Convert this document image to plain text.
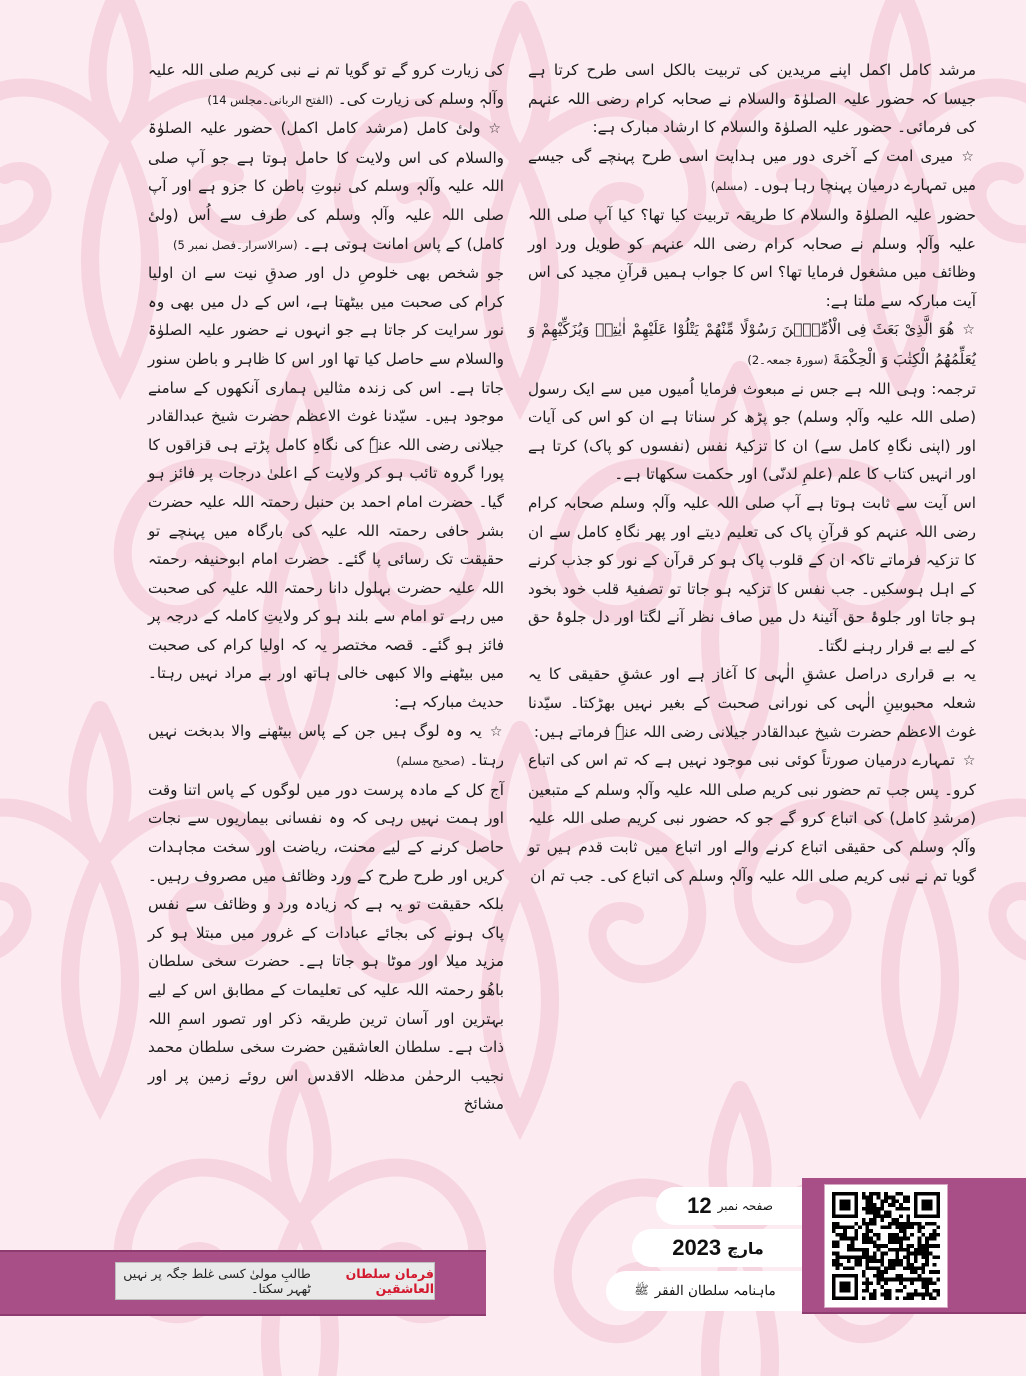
مرشد کامل اکمل اپنے مریدین کی تربیت بالکل اسی طرح کرتا ہے جیسا کہ حضور علیہ الصلوٰۃ والسلام نے صحابہ کرام رضی اللہ عنہم کی فرمائی۔ حضور علیہ الصلوٰۃ والسلام کا ارشاد مبارک ہے:

☆میری امت کے آخری دور میں ہدایت اسی طرح پہنچے گی جیسے میں تمہارے درمیان پہنچا رہا ہوں۔ (مسلم)

حضور علیہ الصلوٰۃ والسلام کا طریقہ تربیت کیا تھا؟ کیا آپ صلی اللہ علیہ وآلہٖ وسلم نے صحابہ کرام رضی اللہ عنہم کو طویل ورد اور وظائف میں مشغول فرمایا تھا؟ اس کا جواب ہمیں قرآنِ مجید کی اس آیت مبارکہ سے ملتا ہے:

☆هُوَ الَّذِیْ بَعَثَ فِی الْاُمِّیّٖنَ رَسُوْلًا مِّنْهُمْ یَتْلُوْا عَلَیْهِمْ اٰیٰتِهٖ وَیُزَكِّیْهِمْ وَ یُعَلِّمُهُمُ الْكِتٰبَ وَ الْحِكْمَةَ (سورۃ جمعہ۔2)

ترجمہ: وہی اللہ ہے جس نے مبعوث فرمایا اُمیوں میں سے ایک رسول (صلی اللہ علیہ وآلہٖ وسلم) جو پڑھ کر سناتا ہے ان کو اس کی آیات اور (اپنی نگاہِ کامل سے) ان کا تزکیۂ نفس (نفسوں کو پاک) کرتا ہے اور انہیں کتاب کا علم (علمِ لدنّی) اور حکمت سکھاتا ہے۔

اس آیت سے ثابت ہوتا ہے آپ صلی اللہ علیہ وآلہٖ وسلم صحابہ کرام رضی اللہ عنہم کو قرآنِ پاک کی تعلیم دیتے اور پھر نگاہِ کامل سے ان کا تزکیہ فرماتے تاکہ ان کے قلوب پاک ہو کر قرآن کے نور کو جذب کرنے کے اہل ہوسکیں۔ جب نفس کا تزکیہ ہو جاتا تو تصفیۂ قلب خود بخود ہو جاتا اور جلوۂ حق آئینۂ دل میں صاف نظر آنے لگتا اور دل جلوۂ حق کے لیے بے قرار رہنے لگتا۔

یہ بے قراری دراصل عشقِ الٰہی کا آغاز ہے اور عشقِ حقیقی کا یہ شعلہ محبوبینِ الٰہی کی نورانی صحبت کے بغیر نہیں بھڑکتا۔ سیّدنا غوث الاعظم حضرت شیخ عبدالقادر جیلانی رضی اللہ عنہٗ فرماتے ہیں:

☆تمہارے درمیان صورتاً کوئی نبی موجود نہیں ہے کہ تم اس کی اتباع کرو۔ پس جب تم حضور نبی کریم صلی اللہ علیہ وآلہٖ وسلم کے متبعین (مرشدِ کامل) کی اتباع کرو گے جو کہ حضور نبی کریم صلی اللہ علیہ وآلہٖ وسلم کی حقیقی اتباع کرنے والے اور اتباع میں ثابت قدم ہیں تو گویا تم نے نبی کریم صلی اللہ علیہ وآلہٖ وسلم کی اتباع کی۔ جب تم ان

کی زیارت کرو گے تو گویا تم نے نبی کریم صلی اللہ علیہ وآلہٖ وسلم کی زیارت کی۔ (الفتح الربانی۔مجلس 14)

☆ولیٔ کامل (مرشد کامل اکمل) حضور علیہ الصلوٰۃ والسلام کی اس ولایت کا حامل ہوتا ہے جو آپ صلی اللہ علیہ وآلہٖ وسلم کی نبوتِ باطن کا جزو ہے اور آپ صلی اللہ علیہ وآلہٖ وسلم کی طرف سے اُس (ولیٔ کامل) کے پاس امانت ہوتی ہے۔ (سرالاسرار۔فصل نمبر 5)

جو شخص بھی خلوصِ دل اور صدقِ نیت سے ان اولیا کرام کی صحبت میں بیٹھتا ہے، اس کے دل میں بھی وہ نور سرایت کر جاتا ہے جو انہوں نے حضور علیہ الصلوٰۃ والسلام سے حاصل کیا تھا اور اس کا ظاہر و باطن سنور جاتا ہے۔ اس کی زندہ مثالیں ہماری آنکھوں کے سامنے موجود ہیں۔ سیّدنا غوث الاعظم حضرت شیخ عبدالقادر جیلانی رضی اللہ عنہٗ کی نگاہِ کامل پڑتے ہی قزاقوں کا پورا گروہ تائب ہو کر ولایت کے اعلیٰ درجات پر فائز ہو گیا۔ حضرت امام احمد بن حنبل رحمتہ اللہ علیہ حضرت بشر حافی رحمتہ اللہ علیہ کی بارگاہ میں پہنچے تو حقیقت تک رسائی پا گئے۔ حضرت امام ابوحنیفہ رحمتہ اللہ علیہ حضرت بہلول دانا رحمتہ اللہ علیہ کی صحبت میں رہے تو امام سے بلند ہو کر ولایتِ کاملہ کے درجہ پر فائز ہو گئے۔ قصہ مختصر یہ کہ اولیا کرام کی صحبت میں بیٹھنے والا کبھی خالی ہاتھ اور بے مراد نہیں رہتا۔ حدیث مبارکہ ہے:

☆یہ وہ لوگ ہیں جن کے پاس بیٹھنے والا بدبخت نہیں رہتا۔ (صحیح مسلم)

آج کل کے مادہ پرست دور میں لوگوں کے پاس اتنا وقت اور ہمت نہیں رہی کہ وہ نفسانی بیماریوں سے نجات حاصل کرنے کے لیے محنت، ریاضت اور سخت مجاہدات کریں اور طرح طرح کے ورد وظائف میں مصروف رہیں۔ بلکہ حقیقت تو یہ ہے کہ زیادہ ورد و وظائف سے نفس پاک ہونے کی بجائے عبادات کے غرور میں مبتلا ہو کر مزید میلا اور موٹا ہو جاتا ہے۔ حضرت سخی سلطان باھُو رحمتہ اللہ علیہ کی تعلیمات کے مطابق اس کے لیے بہترین اور آسان ترین طریقہ ذکر اور تصور اسمِ اللہ ذات ہے۔ سلطان العاشقین حضرت سخی سلطان محمد نجیب الرحمٰن مدظلہ الاقدس اس روئے زمین پر اور مشائخ

فرمان سلطان العاشقین
طالبِ مولیٰ کسی غلط جگہ پر نہیں ٹھہر سکتا۔
صفحہ نمبر
12
مارچ
2023
ماہنامہ سلطان الفقر
ﷺ
